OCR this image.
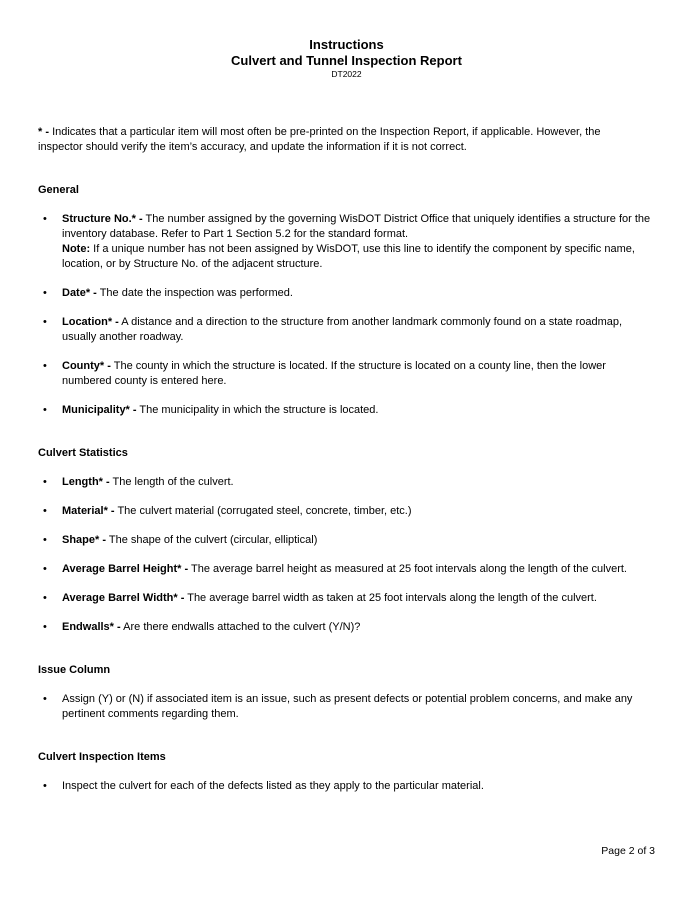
Instructions
Culvert and Tunnel Inspection Report
DT2022

* - Indicates that a particular item will most often be pre-printed on the Inspection Report, if applicable. However, the inspector should verify the item’s accuracy, and update the information if it is not correct.

General
•	Structure No.* - The number assigned by the governing WisDOT District Office that uniquely identifies a structure for the inventory database. Refer to Part 1 Section 5.2 for the standard format.
Note: If a unique number has not been assigned by WisDOT, use this line to identify the component by specific name, location, or by Structure No. of the adjacent structure.
•	Date* - The date the inspection was performed.
•	Location* - A distance and a direction to the structure from another landmark commonly found on a state roadmap, usually another roadway.
•	County* - The county in which the structure is located. If the structure is located on a county line, then the lower numbered county is entered here.
•	Municipality* - The municipality in which the structure is located.
Culvert Statistics
•	Length* - The length of the culvert.
•	Material* - The culvert material (corrugated steel, concrete, timber, etc.)
•	Shape* - The shape of the culvert (circular, elliptical)
•	Average Barrel Height* - The average barrel height as measured at 25 foot intervals along the length of the culvert.
•	Average Barrel Width* - The average barrel width as taken at 25 foot intervals along the length of the culvert.
•	Endwalls* - Are there endwalls attached to the culvert (Y/N)?
Issue Column
•	Assign (Y) or (N) if associated item is an issue, such as present defects or potential problem concerns, and make any pertinent comments regarding them.
Culvert Inspection Items
•	Inspect the culvert for each of the defects listed as they apply to the particular material.
Page 2 of 3
